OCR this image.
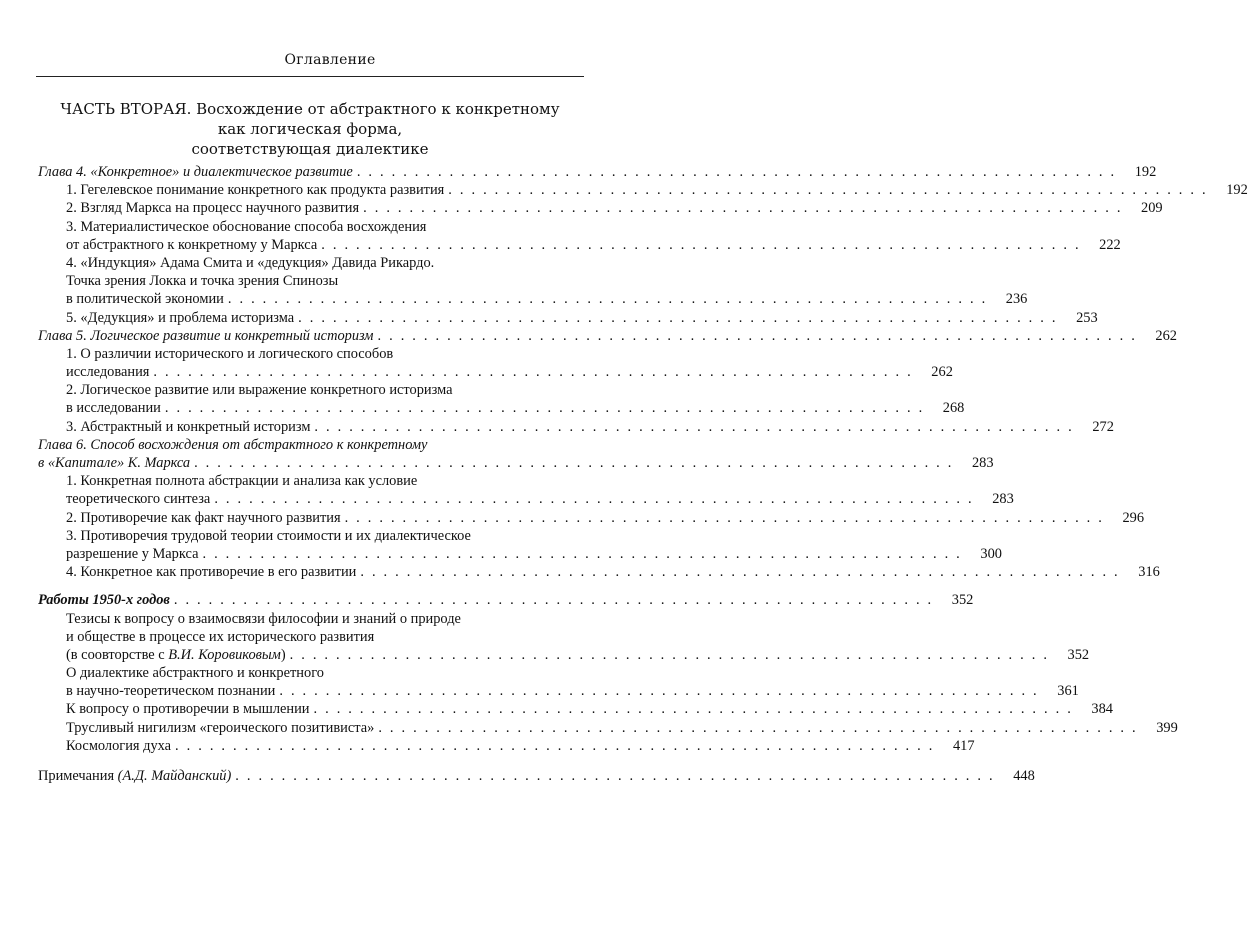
Оглавление
ЧАСТЬ ВТОРАЯ. Восхождение от абстрактного к конкретному
как логическая форма,
соответствующая диалектике
Глава 4. «Конкретное» и диалектическое развитие . . . . . . . . . . . . . . . . . . . . . . . . . . . . . . . . . . . . . . . . . . . . . . . . . . . . . . . . . . . . . . . . . .	192
1. Гегелевское понимание конкретного как продукта развития . . . . . . . . . . . . . . . . . . . . . . . . . . . . . . . . . . . . . . . . . . . . . . . . . . . . . . . . . . . . . . . . . .	192
2. Взгляд Маркса на процесс научного развития . . . . . . . . . . . . . . . . . . . . . . . . . . . . . . . . . . . . . . . . . . . . . . . . . . . . . . . . . . . . . . . . . .	209
3. Материалистическое обоснование способа восхождения
от абстрактного к конкретному у Маркса . . . . . . . . . . . . . . . . . . . . . . . . . . . . . . . . . . . . . . . . . . . . . . . . . . . . . . . . . . . . . . . . . .	222
4. «Индукция» Адама Смита и «дедукция» Давида Рикардо.
Точка зрения Локка и точка зрения Спинозы
в политической экономии . . . . . . . . . . . . . . . . . . . . . . . . . . . . . . . . . . . . . . . . . . . . . . . . . . . . . . . . . . . . . . . . . .	236
5. «Дедукция» и проблема историзма . . . . . . . . . . . . . . . . . . . . . . . . . . . . . . . . . . . . . . . . . . . . . . . . . . . . . . . . . . . . . . . . . .	253
Глава 5. Логическое развитие и конкретный историзм . . . . . . . . . . . . . . . . . . . . . . . . . . . . . . . . . . . . . . . . . . . . . . . . . . . . . . . . . . . . . . . . . .	262
1. О различии исторического и логического способов
исследования . . . . . . . . . . . . . . . . . . . . . . . . . . . . . . . . . . . . . . . . . . . . . . . . . . . . . . . . . . . . . . . . . .	262
2. Логическое развитие или выражение конкретного историзма
в исследовании . . . . . . . . . . . . . . . . . . . . . . . . . . . . . . . . . . . . . . . . . . . . . . . . . . . . . . . . . . . . . . . . . .	268
3. Абстрактный и конкретный историзм . . . . . . . . . . . . . . . . . . . . . . . . . . . . . . . . . . . . . . . . . . . . . . . . . . . . . . . . . . . . . . . . . .	272
Глава 6. Способ восхождения от абстрактного к конкретному
в «Капитале» К. Маркса . . . . . . . . . . . . . . . . . . . . . . . . . . . . . . . . . . . . . . . . . . . . . . . . . . . . . . . . . . . . . . . . . .	283
1. Конкретная полнота абстракции и анализа как условие
теоретического синтеза . . . . . . . . . . . . . . . . . . . . . . . . . . . . . . . . . . . . . . . . . . . . . . . . . . . . . . . . . . . . . . . . . .	283
2. Противоречие как факт научного развития . . . . . . . . . . . . . . . . . . . . . . . . . . . . . . . . . . . . . . . . . . . . . . . . . . . . . . . . . . . . . . . . . .	296
3. Противоречия трудовой теории стоимости и их диалектическое
разрешение у Маркса . . . . . . . . . . . . . . . . . . . . . . . . . . . . . . . . . . . . . . . . . . . . . . . . . . . . . . . . . . . . . . . . . .	300
4. Конкретное как противоречие в его развитии . . . . . . . . . . . . . . . . . . . . . . . . . . . . . . . . . . . . . . . . . . . . . . . . . . . . . . . . . . . . . . . . . .	316
Работы 1950-х годов . . . . . . . . . . . . . . . . . . . . . . . . . . . . . . . . . . . . . . . . . . . . . . . . . . . . . . . . . . . . . . . . . .	352
Тезисы к вопросу о взаимосвязи философии и знаний о природе
и обществе в процессе их исторического развития
(в соовторстве с В.И. Коровиковым) . . . . . . . . . . . . . . . . . . . . . . . . . . . . . . . . . . . . . . . . . . . . . . . . . . . . . . . . . . . . . . . . . .	352
О диалектике абстрактного и конкретного
в научно-теоретическом познании . . . . . . . . . . . . . . . . . . . . . . . . . . . . . . . . . . . . . . . . . . . . . . . . . . . . . . . . . . . . . . . . . .	361
К вопросу о противоречии в мышлении . . . . . . . . . . . . . . . . . . . . . . . . . . . . . . . . . . . . . . . . . . . . . . . . . . . . . . . . . . . . . . . . . .	384
Трусливый нигилизм «героического позитивиста» . . . . . . . . . . . . . . . . . . . . . . . . . . . . . . . . . . . . . . . . . . . . . . . . . . . . . . . . . . . . . . . . . .	399
Космология духа . . . . . . . . . . . . . . . . . . . . . . . . . . . . . . . . . . . . . . . . . . . . . . . . . . . . . . . . . . . . . . . . . .	417
Примечания (А.Д. Майданский) . . . . . . . . . . . . . . . . . . . . . . . . . . . . . . . . . . . . . . . . . . . . . . . . . . . . . . . . . . . . . . . . . .	448
